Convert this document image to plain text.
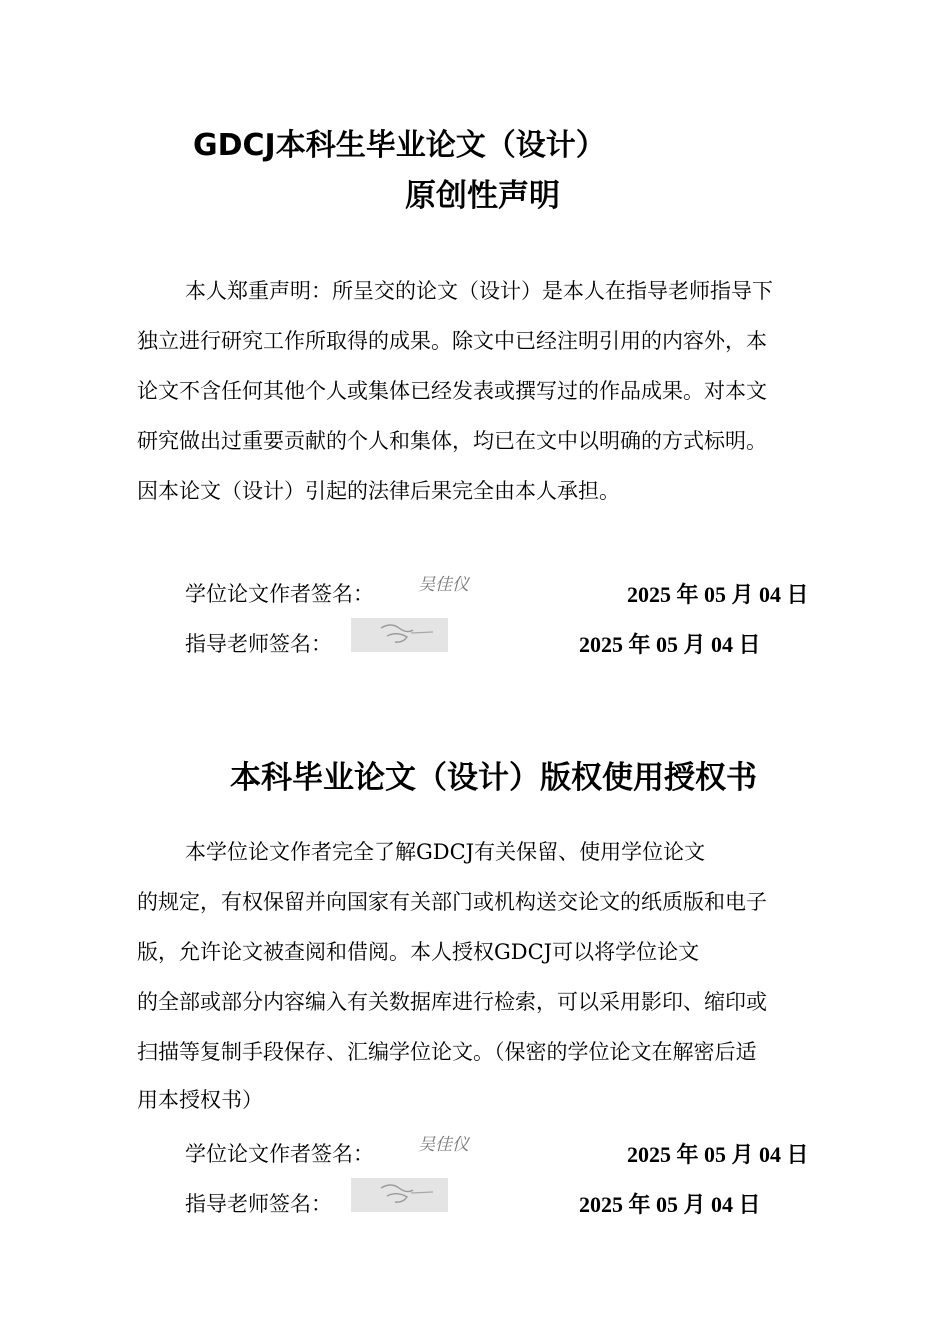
GDCJ本科生毕业论文（设计）
原创性声明
本人郑重声明：所呈交的论文（设计）是本人在指导老师指导下
独立进行研究工作所取得的成果。除文中已经注明引用的内容外，本
论文不含任何其他个人或集体已经发表或撰写过的作品成果。对本文
研究做出过重要贡献的个人和集体，均已在文中以明确的方式标明。
因本论文（设计）引起的法律后果完全由本人承担。
学位论文作者签名：	吴佳仪	2025 年 05 月 04 日
指导老师签名：	2025 年 05 月 04 日
本科毕业论文（设计）版权使用授权书
本学位论文作者完全了解GDCJ有关保留、使用学位论文
的规定，有权保留并向国家有关部门或机构送交论文的纸质版和电子
版，允许论文被查阅和借阅。本人授权GDCJ可以将学位论文
的全部或部分内容编入有关数据库进行检索，可以采用影印、缩印或
扫描等复制手段保存、汇编学位论文。（保密的学位论文在解密后适
用本授权书）
学位论文作者签名：	吴佳仪	2025 年 05 月 04 日
指导老师签名：	2025 年 05 月 04 日
